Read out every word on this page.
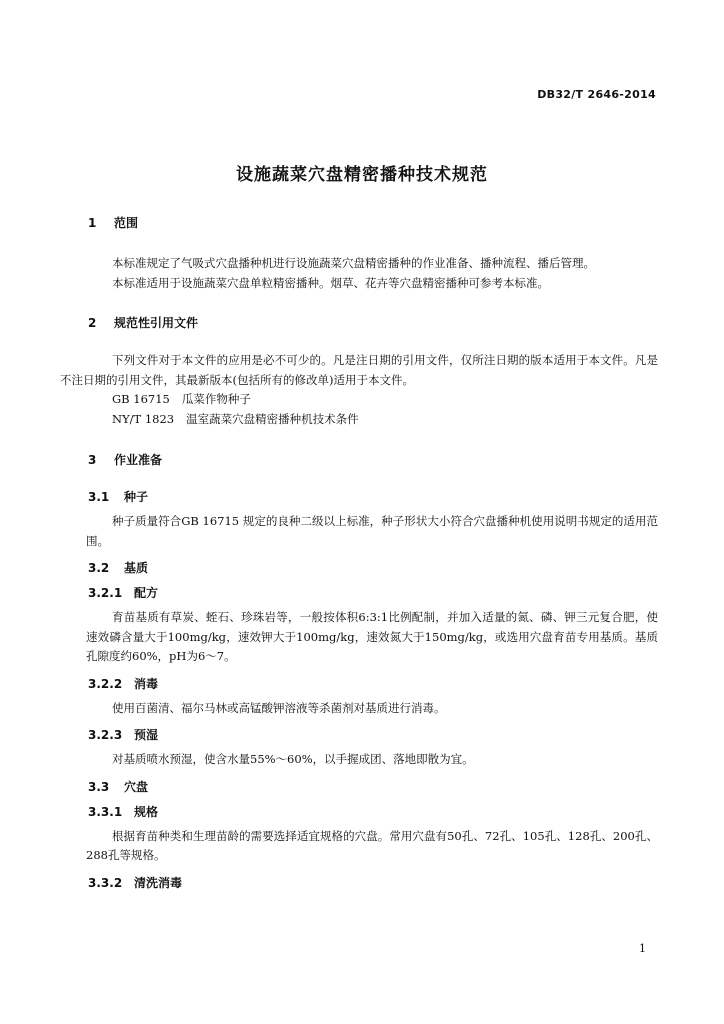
DB32/T 2646-2014
设施蔬菜穴盘精密播种技术规范
1 范围

本标准规定了气吸式穴盘播种机进行设施蔬菜穴盘精密播种的作业准备、播种流程、播后管理。

本标准适用于设施蔬菜穴盘单粒精密播种。烟草、花卉等穴盘精密播种可参考本标准。

2 规范性引用文件

下列文件对于本文件的应用是必不可少的。凡是注日期的引用文件，仅所注日期的版本适用于本文件。凡是不注日期的引用文件，其最新版本(包括所有的修改单)适用于本文件。

GB 16715 瓜菜作物种子
NY/T 1823 温室蔬菜穴盘精密播种机技术条件
3 作业准备
3.1 种子

种子质量符合GB 16715 规定的良种二级以上标准，种子形状大小符合穴盘播种机使用说明书规定的适用范围。

3.2 基质
3.2.1 配方

育苗基质有草炭、蛭石、珍珠岩等，一般按体积6:3:1比例配制，并加入适量的氮、磷、钾三元复合肥，使速效磷含量大于100mg/kg，速效钾大于100mg/kg，速效氮大于150mg/kg，或选用穴盘育苗专用基质。基质孔隙度约60%，pH为6～7。

3.2.2 消毒

使用百菌清、福尔马林或高锰酸钾溶液等杀菌剂对基质进行消毒。

3.2.3 预湿

对基质喷水预湿，使含水量55%～60%，以手握成团、落地即散为宜。

3.3 穴盘
3.3.1 规格

根据育苗种类和生理苗龄的需要选择适宜规格的穴盘。常用穴盘有50孔、72孔、105孔、128孔、200孔、288孔等规格。

3.3.2 清洗消毒
1
